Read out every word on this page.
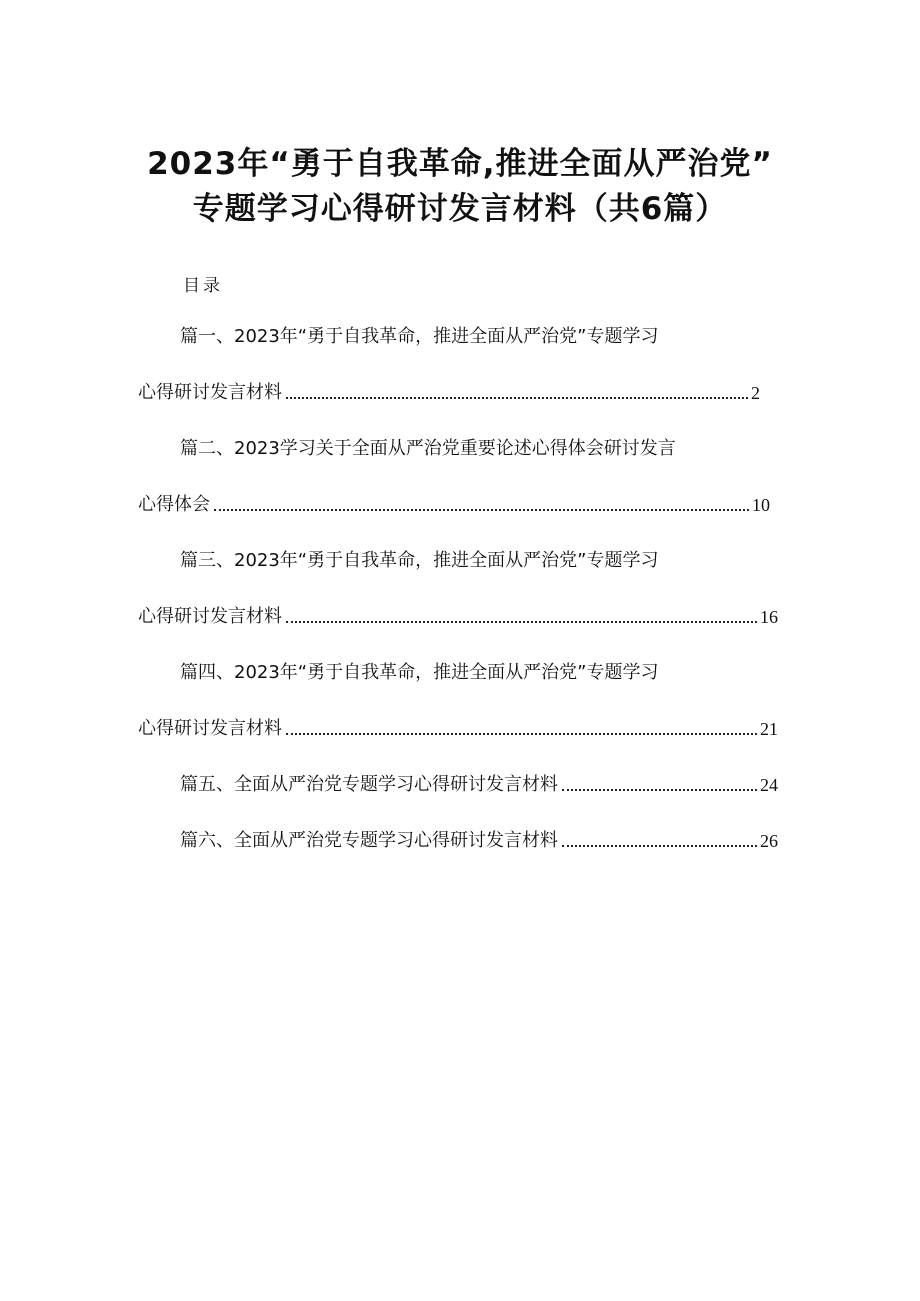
2023年“勇于自我革命,推进全面从严治党”
专题学习心得研讨发言材料（共6篇）
目录
篇一、2023年“勇于自我革命，推进全面从严治党”专题学习
心得研讨发言材料	2
篇二、2023学习关于全面从严治党重要论述心得体会研讨发言
心得体会	10
篇三、2023年“勇于自我革命，推进全面从严治党”专题学习
心得研讨发言材料	16
篇四、2023年“勇于自我革命，推进全面从严治党”专题学习
心得研讨发言材料	21
篇五、全面从严治党专题学习心得研讨发言材料	24
篇六、全面从严治党专题学习心得研讨发言材料	26
